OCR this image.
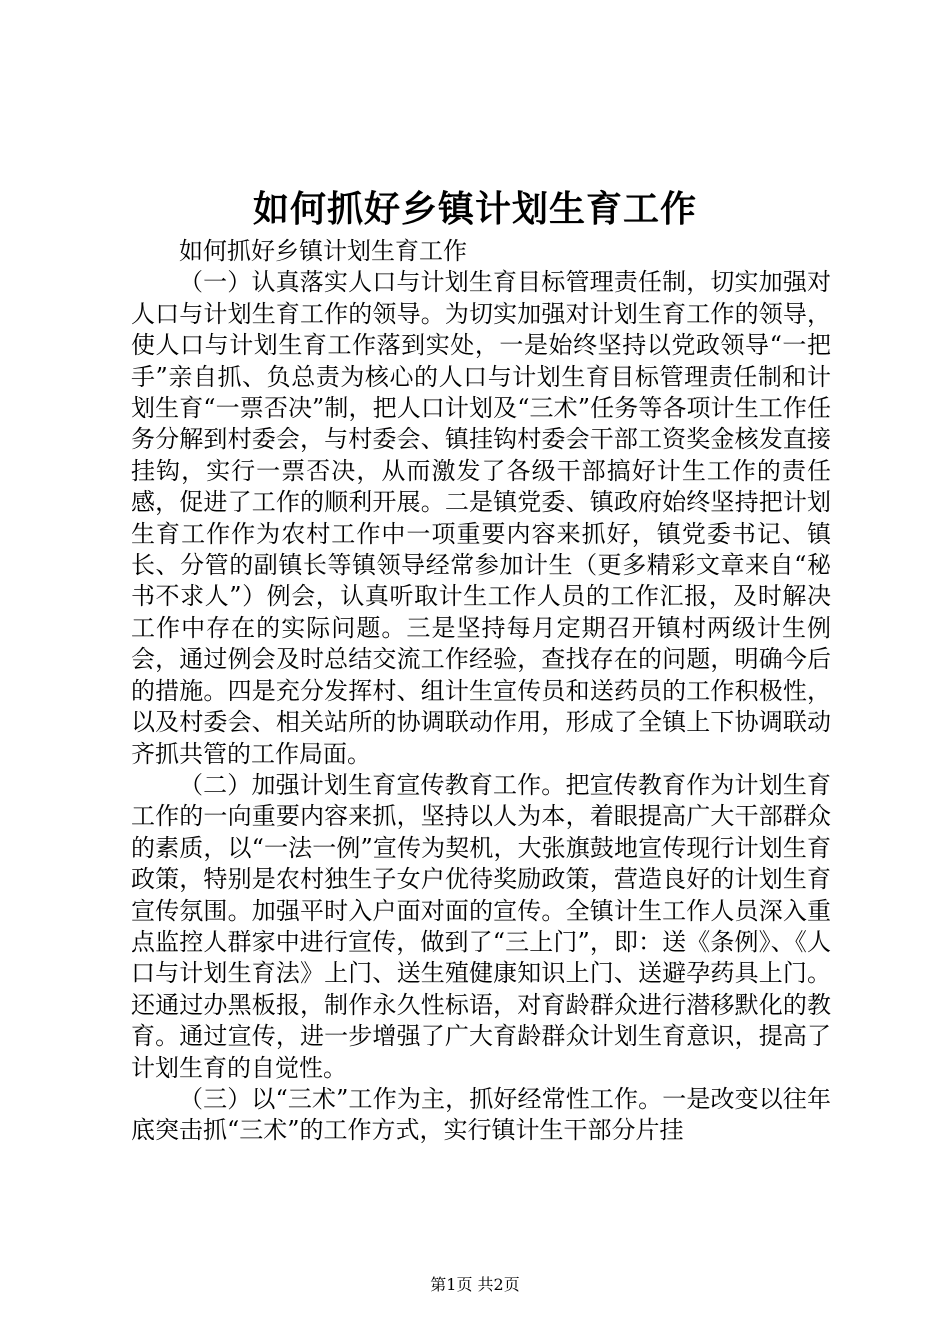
如何抓好乡镇计划生育工作

如何抓好乡镇计划生育工作

（一）认真落实人口与计划生育目标管理责任制，切实加强对人口与计划生育工作的领导。为切实加强对计划生育工作的领导，使人口与计划生育工作落到实处，一是始终坚持以党政领导“一把手”亲自抓、负总责为核心的人口与计划生育目标管理责任制和计划生育“一票否决”制，把人口计划及“三术”任务等各项计生工作任务分解到村委会，与村委会、镇挂钩村委会干部工资奖金核发直接挂钩，实行一票否决，从而激发了各级干部搞好计生工作的责任感，促进了工作的顺利开展。二是镇党委、镇政府始终坚持把计划生育工作作为农村工作中一项重要内容来抓好，镇党委书记、镇长、分管的副镇长等镇领导经常参加计生（更多精彩文章来自“秘书不求人”）例会，认真听取计生工作人员的工作汇报，及时解决工作中存在的实际问题。三是坚持每月定期召开镇村两级计生例会，通过例会及时总结交流工作经验，查找存在的问题，明确今后的措施。四是充分发挥村、组计生宣传员和送药员的工作积极性，以及村委会、相关站所的协调联动作用，形成了全镇上下协调联动齐抓共管的工作局面。

（二）加强计划生育宣传教育工作。把宣传教育作为计划生育工作的一向重要内容来抓，坚持以人为本，着眼提高广大干部群众的素质，以“一法一例”宣传为契机，大张旗鼓地宣传现行计划生育政策，特别是农村独生子女户优待奖励政策，营造良好的计划生育宣传氛围。加强平时入户面对面的宣传。全镇计生工作人员深入重点监控人群家中进行宣传，做到了“三上门”，即：送《条例》、《人口与计划生育法》上门、送生殖健康知识上门、送避孕药具上门。还通过办黑板报，制作永久性标语，对育龄群众进行潜移默化的教育。通过宣传，进一步增强了广大育龄群众计划生育意识，提高了计划生育的自觉性。

（三）以“三术”工作为主，抓好经常性工作。一是改变以往年底突击抓“三术”的工作方式，实行镇计生干部分片挂

第1页 共2页
